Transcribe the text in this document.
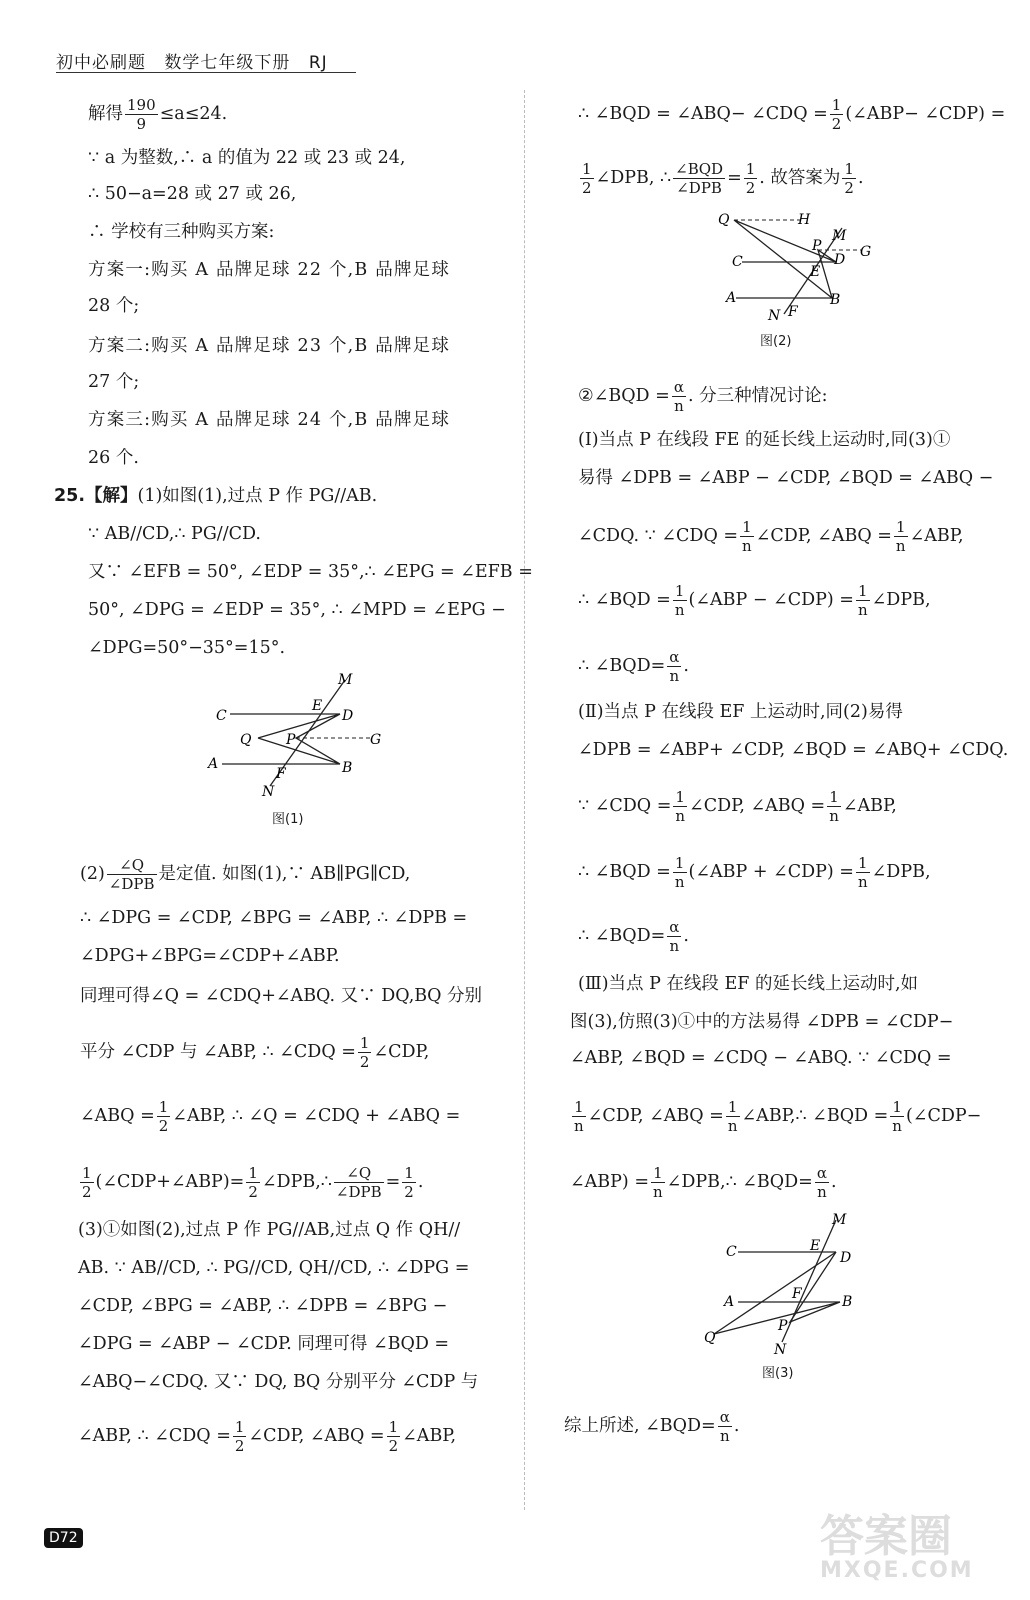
初中必刷题 数学七年级下册 RJ
解得 $\frac{190}{9} \le a\le 24$.
∵ a 为整数,∴ a 的值为 22 或 23 或 24,
∴ 50−a=28 或 27 或 26,
∴ 学校有三种购买方案:
方案一:购买 A 品牌足球 22 个,B 品牌足球
28 个;
方案二:购买 A 品牌足球 23 个,B 品牌足球
27 个;
方案三:购买 A 品牌足球 24 个,B 品牌足球
26 个.
25.【解】(1)如图(1),过点 P 作 PG//AB.
∵ AB//CD,∴ PG//CD.
又∵ ∠EFB = 50°, ∠EDP = 35°,∴ ∠EPG = ∠EFB =
50°, ∠DPG = ∠EDP = 35°, ∴ ∠MPD = ∠EPG −
∠DPG=50°−35°=15°.
M
E
D
C
Q P	G
A	B
F
N
图(1)
$(2) \frac{\angle Q}{\text{∠DPB}}$ 是定值. 如图(1),∵ AB∥PG∥CD,
∴ ∠DPG = ∠CDP, ∠BPG = ∠ABP, ∴ ∠DPB =
∠DPG+∠BPG=∠CDP+∠ABP.
同理可得∠Q = ∠CDQ+∠ABQ. 又∵ DQ,BQ 分别
平分 ∠CDP 与 ∠ABP, ∴ ∠CDQ = $\frac{1}{2}$ ∠CDP,
∠ABQ = $\frac{1}{2}$ ∠ABP, ∴ ∠Q = ∠CDQ + ∠ABQ =
$\frac{1}{2}$ (∠CDP+∠ABP)= $\frac{1}{2}$ ∠DPB,∴ $\frac{\angle Q}{\text{∠DPB}} = \frac{1}{2}$ .
(3)①如图(2),过点 P 作 PG//AB,过点 Q 作 QH//
AB. ∵ AB//CD, ∴ PG//CD, QH//CD, ∴ ∠DPG =
∠CDP, ∠BPG = ∠ABP, ∴ ∠DPB = ∠BPG −
∠DPG = ∠ABP − ∠CDP. 同理可得 ∠BQD =
∠ABQ−∠CDQ. 又∵ DQ, BQ 分别平分 ∠CDP 与
∠ABP, ∴ ∠CDQ = $\frac{1}{2}$ ∠CDP, ∠ABQ = $\frac{1}{2}$ ∠ABP,
∴ ∠BQD = ∠ABQ− ∠CDQ = $\frac{1}{2}$ (∠ABP− ∠CDP) =
$\frac{1}{2}$ ∠DPB, ∴ $\frac{\text{∠BQD}}{\text{∠DPB}} = \frac{1}{2}$ . 故答案为 $\frac{1}{2}$ .
Q	H
P
M
D G
C
E
A	B
N F
图(2)
②∠BQD = $\frac{\alpha}{n}$ . 分三种情况讨论:
(Ⅰ)当点 P 在线段 FE 的延长线上运动时,同(3)①
易得 ∠DPB = ∠ABP − ∠CDP, ∠BQD = ∠ABQ −
∠CDQ. ∵ ∠CDQ = $\frac{1}{n}$ ∠CDP, ∠ABQ = $\frac{1}{n}$ ∠ABP,
∴ ∠BQD = $\frac{1}{n}$ (∠ABP − ∠CDP) = $\frac{1}{n}$ ∠DPB,
∴ ∠BQD= $\frac{\alpha}{n}$ .
(Ⅱ)当点 P 在线段 EF 上运动时,同(2)易得
∠DPB = ∠ABP+ ∠CDP, ∠BQD = ∠ABQ+ ∠CDQ.
∵ ∠CDQ = $\frac{1}{n}$ ∠CDP, ∠ABQ = $\frac{1}{n}$ ∠ABP,
∴ ∠BQD = $\frac{1}{n}$ (∠ABP + ∠CDP) = $\frac{1}{n}$ ∠DPB,
∴ ∠BQD= $\frac{\alpha}{n}$ .
(Ⅲ)当点 P 在线段 EF 的延长线上运动时,如
图(3),仿照(3)①中的方法易得 ∠DPB = ∠CDP−
∠ABP, ∠BQD = ∠CDQ − ∠ABQ. ∵ ∠CDQ =
$\frac{1}{n}$ ∠CDP, ∠ABQ = $\frac{1}{n}$ ∠ABP,∴ ∠BQD = $\frac{1}{n}$ (∠CDP−
∠ABP) = $\frac{1}{n}$ ∠DPB,∴ ∠BQD= $\frac{\alpha}{n}$ .
M
C	E
D
A	F	B
P
Q
N
图(3)
综上所述, ∠BQD= $\frac{\alpha}{n}$ .
D72	答案圈
MXQE.COM
